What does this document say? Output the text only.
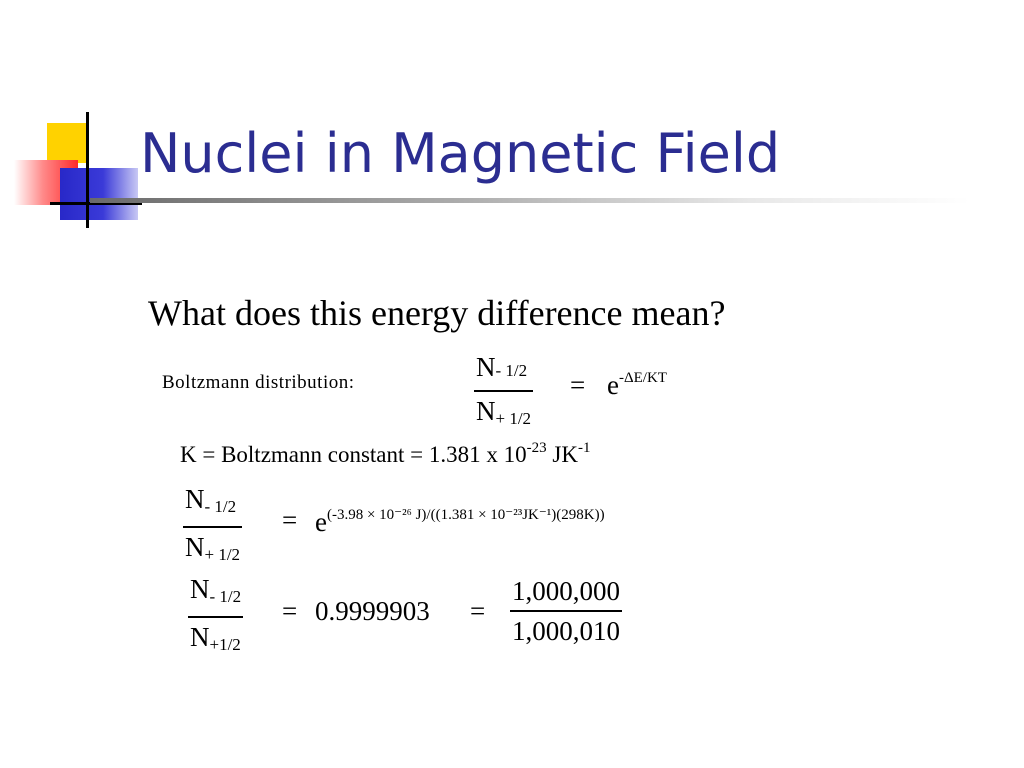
Nuclei in Magnetic Field
What does this energy difference mean?
Boltzmann distribution:
N- 1/2
$N_{+ 1/2}$
= $e^{-\Delta E/KT}$
K = Boltzmann constant = 1.381 x $10^{-23}$ $JK^{-1}$
$N_{- 1/2}$
$N_{+ 1/2}$
= $e^{(-3.98 \times 10^{-26} J)/((1.381 \times 10^{-23}JK^{-1})(298K))}$
$N_{- 1/2}$
$N_{+1/2}$
= 0.9999903 =
1,000,000
1,000,010
